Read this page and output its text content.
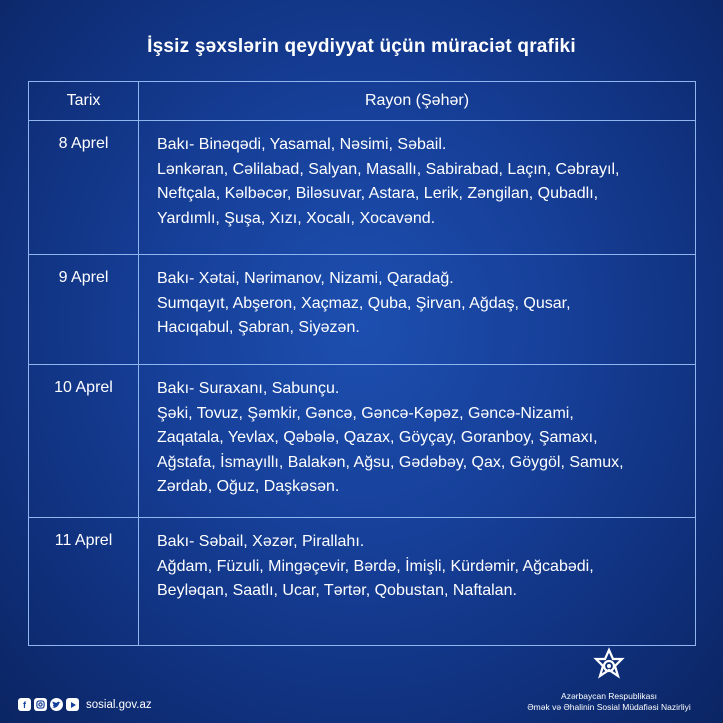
İşsiz şəxslərin qeydiyyat üçün müraciət qrafiki
Tarix	Rayon (Şəhər)
8 Aprel	Bakı- Binəqədi, Yasamal, Nəsimi, Səbail.
Lənkəran, Cəlilabad, Salyan, Masallı, Sabirabad, Laçın, Cəbrayıl,
Neftçala, Kəlbəcər, Biləsuvar, Astara, Lerik, Zəngilan, Qubadlı,
Yardımlı, Şuşa, Xızı, Xocalı, Xocavənd.
9 Aprel	Bakı- Xətai, Nərimanov, Nizami, Qaradağ.
Sumqayıt, Abşeron, Xaçmaz, Quba, Şirvan, Ağdaş, Qusar,
Hacıqabul, Şabran, Siyəzən.
10 Aprel	Bakı- Suraxanı, Sabunçu.
Şəki, Tovuz, Şəmkir, Gəncə, Gəncə-Kəpəz, Gəncə-Nizami,
Zaqatala, Yevlax, Qəbələ, Qazax, Göyçay, Goranboy, Şamaxı,
Ağstafa, İsmayıllı, Balakən, Ağsu, Gədəbəy, Qax, Göygöl, Samux,
Zərdab, Oğuz, Daşkəsən.
11 Aprel	Bakı- Səbail, Xəzər, Pirallahı.
Ağdam, Füzuli, Mingəçevir, Bərdə, İmişli, Kürdəmir, Ağcabədi,
Beyləqan, Saatlı, Ucar, Tərtər, Qobustan, Naftalan.
f	sosial.gov.az
Azərbaycan Respublikası
Əmək və Əhalinin Sosial Müdafiəsi Nazirliyi
